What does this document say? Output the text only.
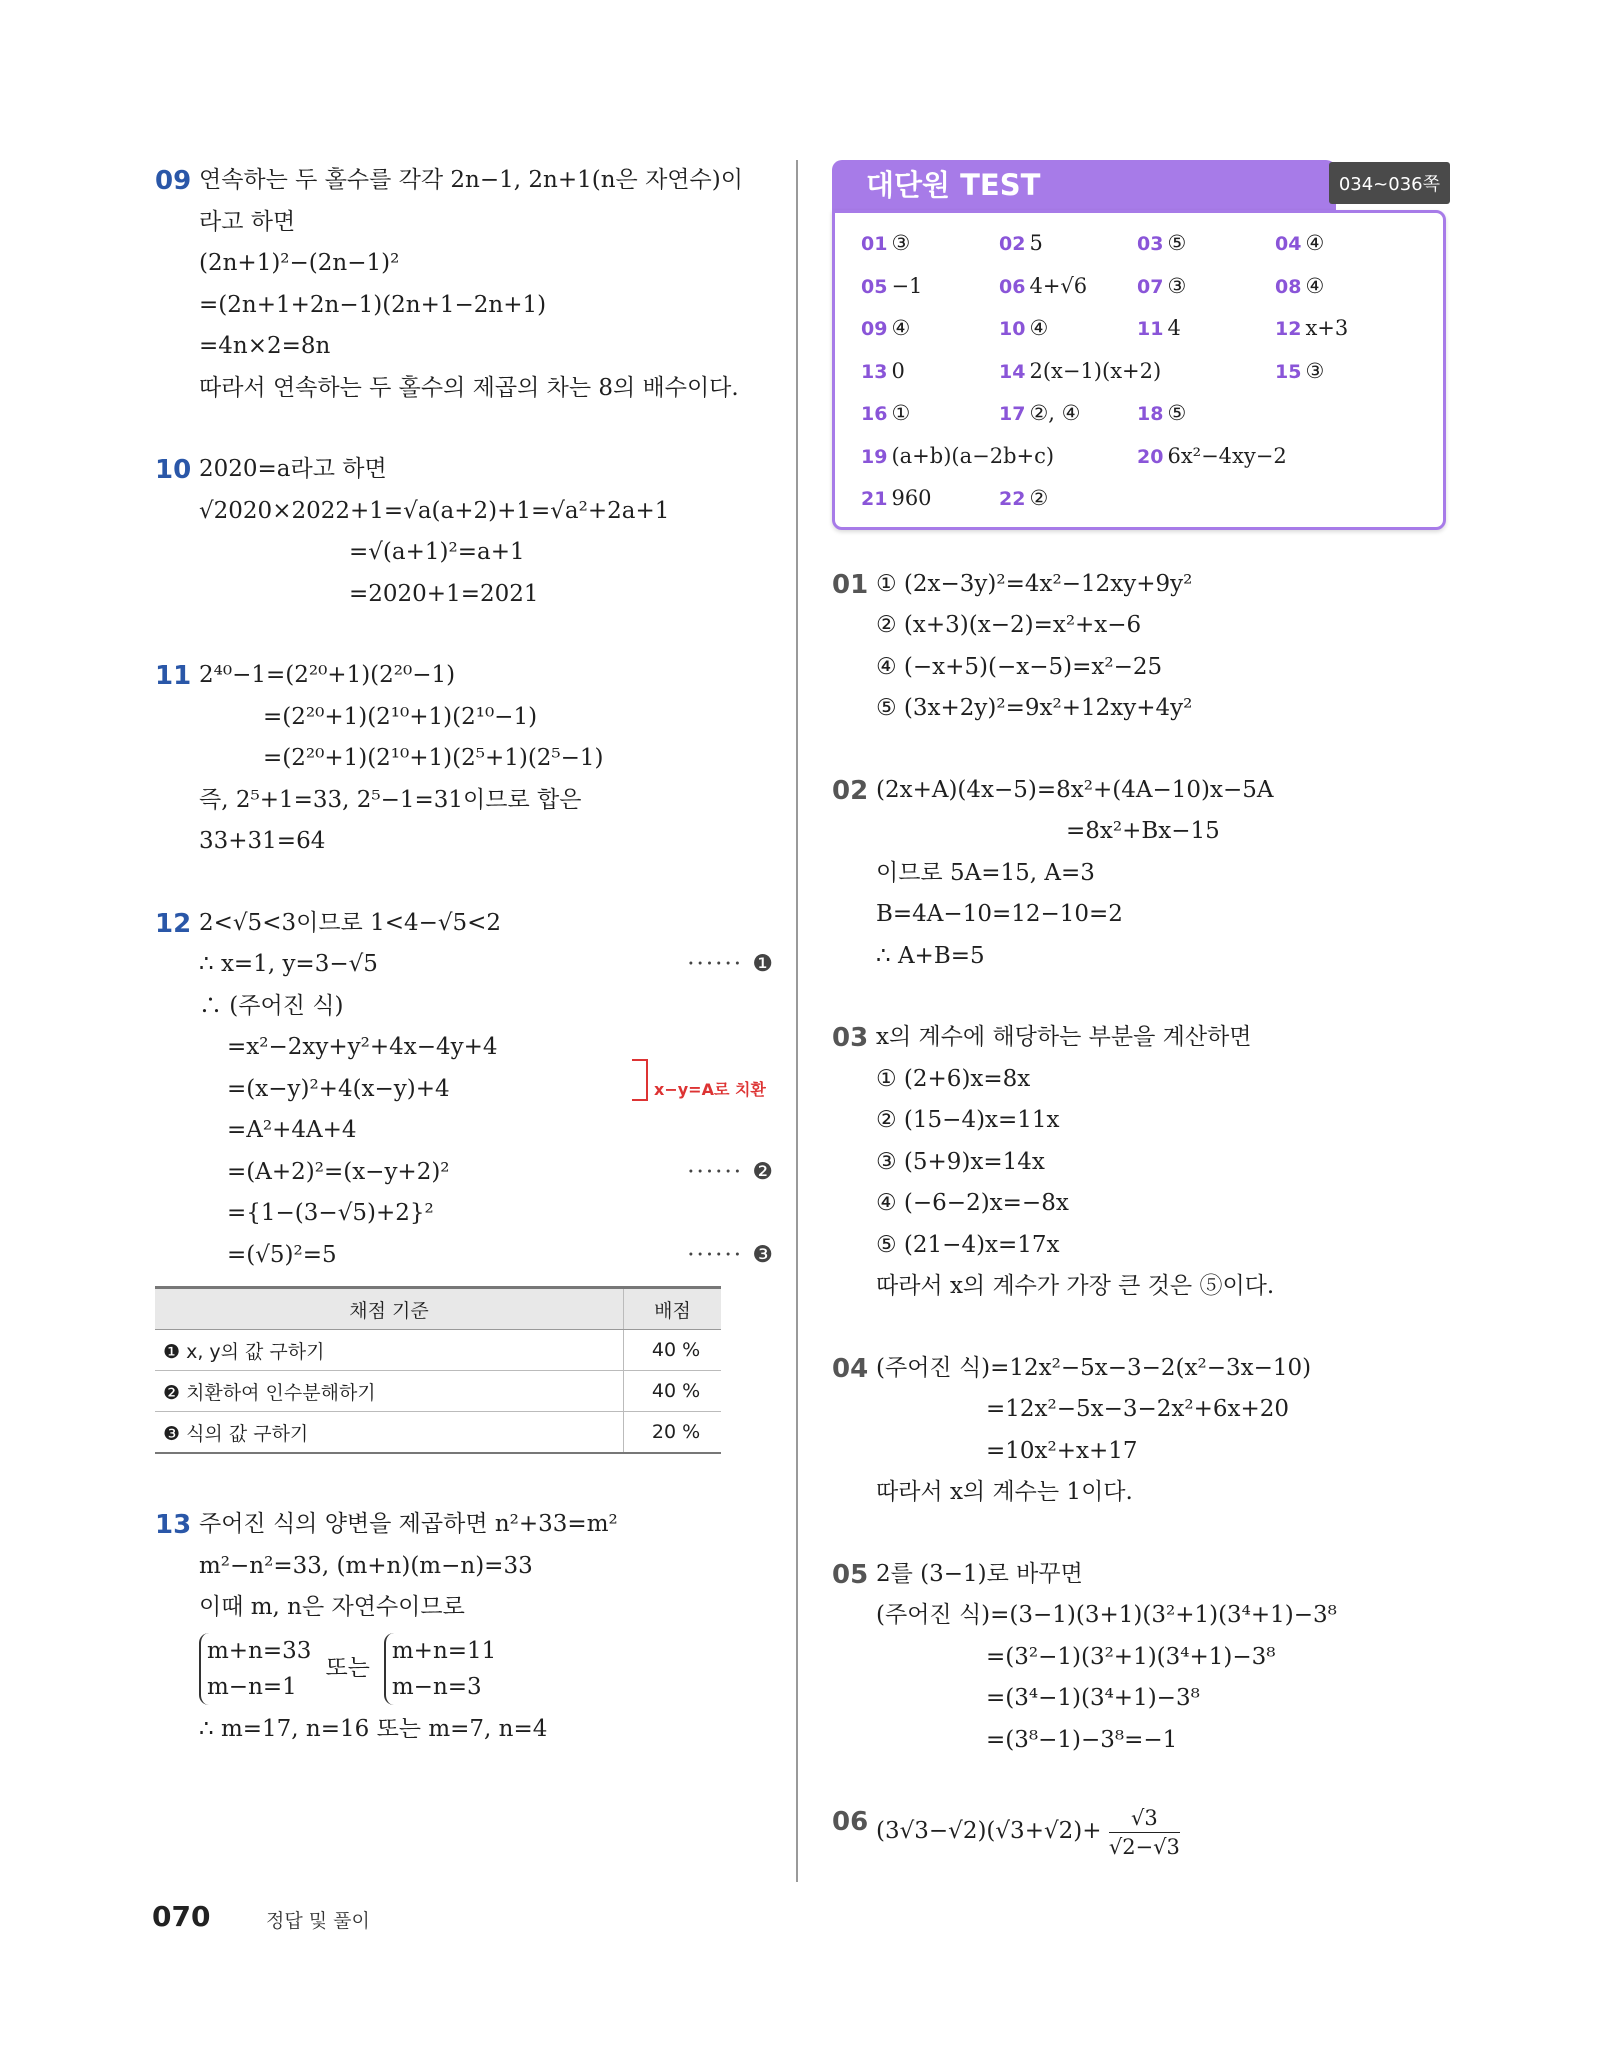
09 연속하는 두 홀수를 각각 2n−1, 2n+1(n은 자연수)이
라고 하면
(2n+1)²−(2n−1)²
=(2n+1+2n−1)(2n+1−2n+1)
=4n×2=8n
따라서 연속하는 두 홀수의 제곱의 차는 8의 배수이다.
10 2020=a라고 하면
√2020×2022+1=√a(a+2)+1=√a²+2a+1
=√(a+1)²=a+1
=2020+1=2021
11 2⁴⁰−1=(2²⁰+1)(2²⁰−1)
=(2²⁰+1)(2¹⁰+1)(2¹⁰−1)
=(2²⁰+1)(2¹⁰+1)(2⁵+1)(2⁵−1)
즉, 2⁵+1=33, 2⁵−1=31이므로 합은
33+31=64
12 2<√5<3이므로 1<4−√5<2
∴ x=1, y=3−√5	······ ❶
∴ (주어진 식)
=x²−2xy+y²+4x−4y+4
=(x−y)²+4(x−y)+4	x−y=A로 치환
=A²+4A+4
=(A+2)²=(x−y+2)²	······ ❷
={1−(3−√5)+2}²
=(√5)²=5	······ ❸
채점 기준	배점
❶ x, y의 값 구하기	40 %
❷ 치환하여 인수분해하기	40 %
❸ 식의 값 구하기	20 %
13 주어진 식의 양변을 제곱하면 n²+33=m²
m²−n²=33, (m+n)(m−n)=33
이때 m, n은 자연수이므로
m+n=33
m−n=1
또는
m+n=11
m−n=3
∴ m=17, n=16 또는 m=7, n=4
대단원 TEST	034~036쪽
01 ③	02 5	03 ⑤	04 ④
05 −1	06 4+√6	07 ③	08 ④
09 ④	10 ④	11 4	12 x+3
13 0	14 2(x−1)(x+2)	15 ③
16 ①	17 ②, ④	18 ⑤
19 (a+b)(a−2b+c)	20 6x²−4xy−2
21 960	22 ②
01 ① (2x−3y)²=4x²−12xy+9y²
② (x+3)(x−2)=x²+x−6
④ (−x+5)(−x−5)=x²−25
⑤ (3x+2y)²=9x²+12xy+4y²
02 (2x+A)(4x−5)=8x²+(4A−10)x−5A
=8x²+Bx−15
이므로 5A=15, A=3
B=4A−10=12−10=2
∴ A+B=5
03 x의 계수에 해당하는 부분을 계산하면
① (2+6)x=8x
② (15−4)x=11x
③ (5+9)x=14x
④ (−6−2)x=−8x
⑤ (21−4)x=17x
따라서 x의 계수가 가장 큰 것은 ⑤이다.
04 (주어진 식)=12x²−5x−3−2(x²−3x−10)
=12x²−5x−3−2x²+6x+20
=10x²+x+17
따라서 x의 계수는 1이다.
05 2를 (3−1)로 바꾸면
(주어진 식)=(3−1)(3+1)(3²+1)(3⁴+1)−3⁸
=(3²−1)(3²+1)(3⁴+1)−3⁸
=(3⁴−1)(3⁴+1)−3⁸
=(3⁸−1)−3⁸=−1
06 $(3√3-√2)(√3+√2)+ \frac{√3}{√2-√3}$
070	정답 및 풀이
